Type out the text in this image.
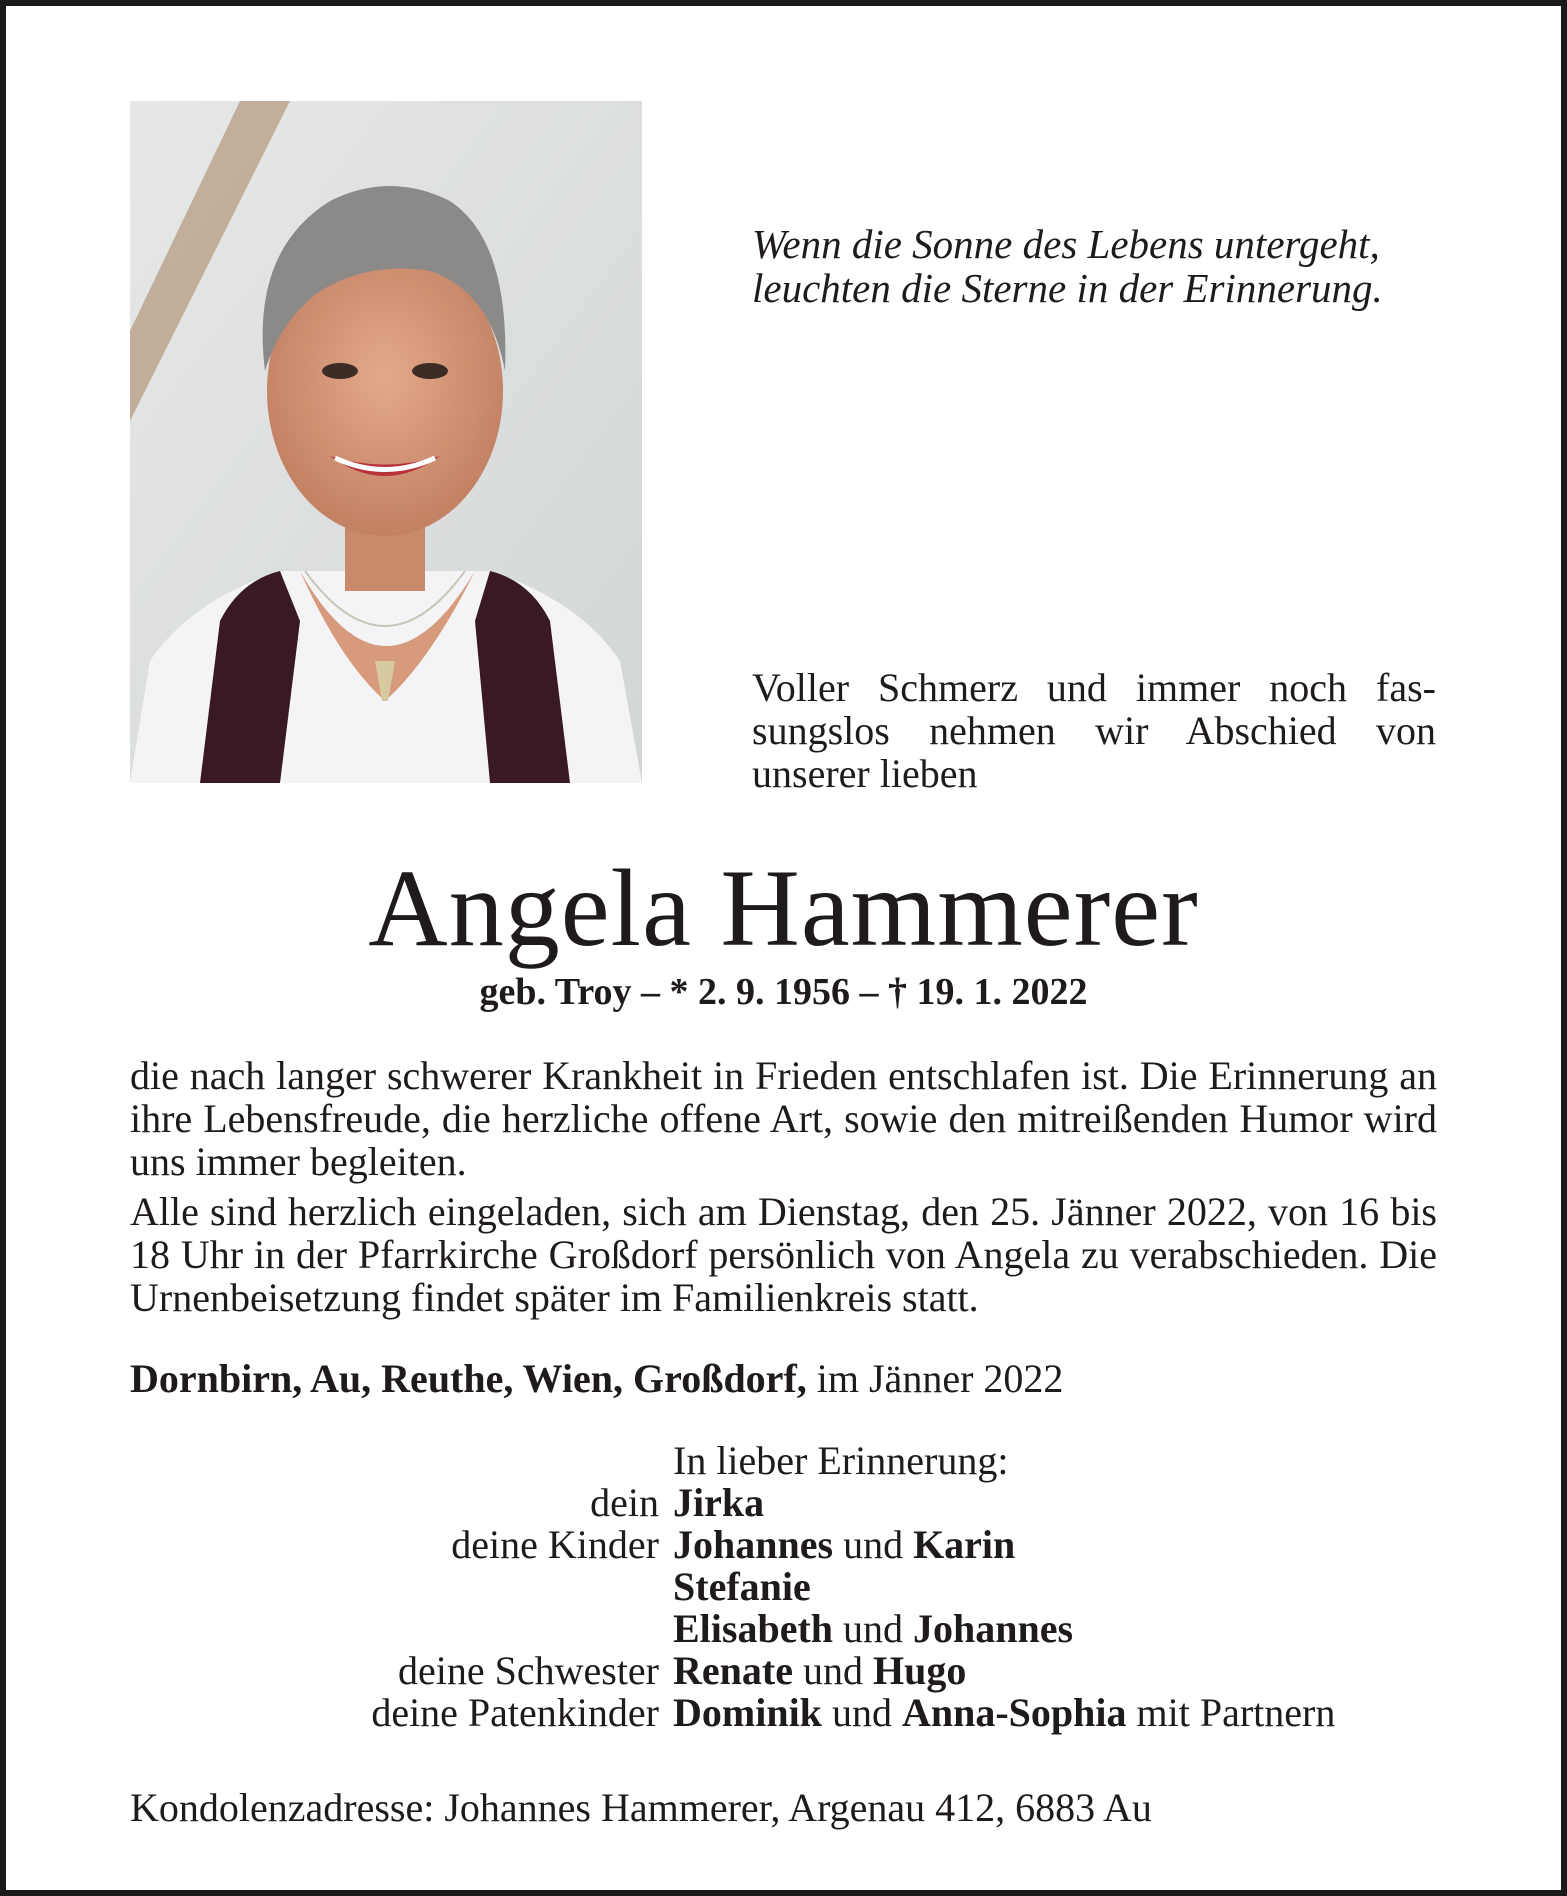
Wenn die Sonne des Lebens untergeht,
leuchten die Sterne in der Erinnerung.
Voller Schmerz und immer noch fassungslos nehmen wir Abschied von unserer lieben
Angela Hammerer
geb. Troy – * 2. 9. 1956 – † 19. 1. 2022

die nach langer schwerer Krankheit in Frieden entschlafen ist. Die Erinnerung an ihre Lebensfreude, die herzliche offene Art, sowie den mitreißenden Humor wird uns immer begleiten.

Alle sind herzlich eingeladen, sich am Dienstag, den 25. Jänner 2022, von 16 bis 18 Uhr in der Pfarrkirche Großdorf persönlich von Angela zu verabschieden. Die Urnenbeisetzung findet später im Familienkreis statt.

Dornbirn, Au, Reuthe, Wien, Großdorf, im Jänner 2022
In lieber Erinnerung:
dein Jirka
deine Kinder Johannes und Karin
Stefanie
Elisabeth und Johannes
deine Schwester Renate und Hugo
deine Patenkinder Dominik und Anna-Sophia mit Partnern
Kondolenzadresse: Johannes Hammerer, Argenau 412, 6883 Au
